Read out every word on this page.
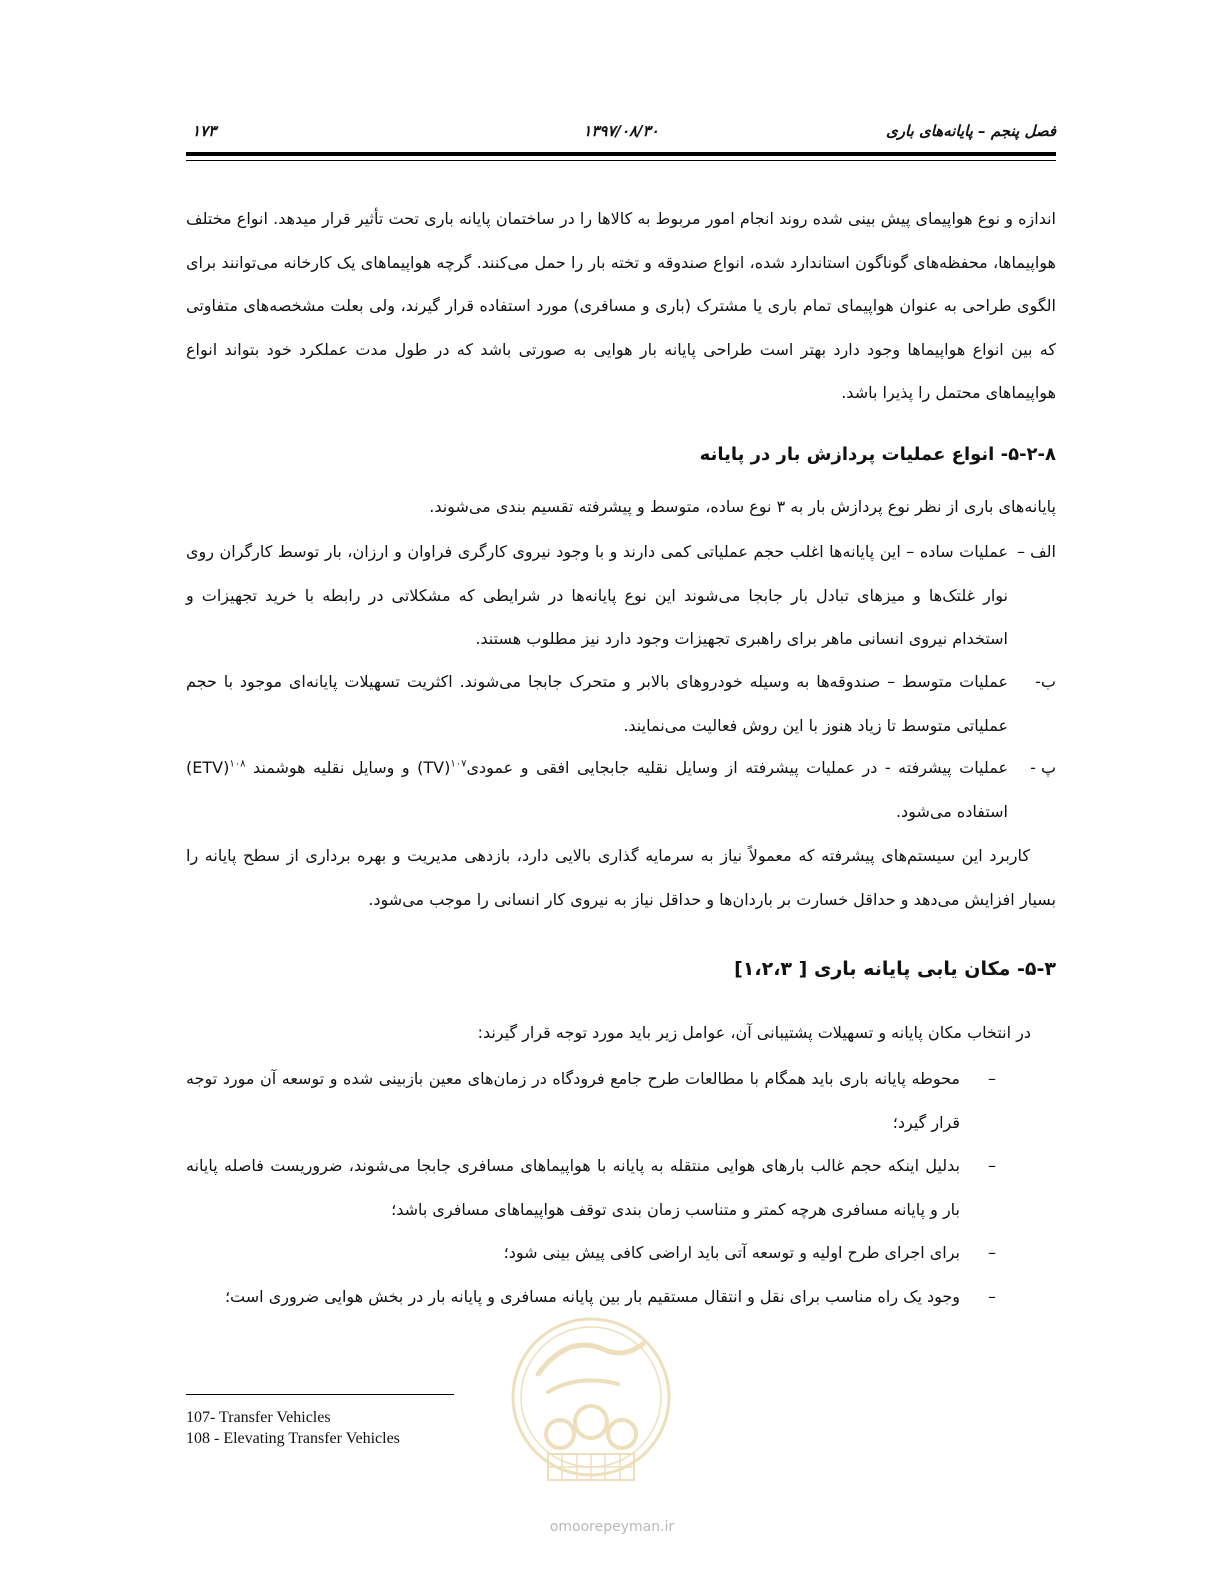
فصل پنجم – پایانه‌های باری
۱۳۹۷/۰۸/۳۰
۱۷۳
اندازه و نوع هواپیمای پیش بینی شده روند انجام امور مربوط به کالاها را در ساختمان پایانه باری تحت تأثیر قرار میدهد. انواع مختلف هواپیماها، محفظه‌های گوناگون استاندارد شده، انواع صندوقه و تخته بار را حمل می‌کنند. گرچه هواپیماهای یک کارخانه می‌توانند برای الگوی طراحی به عنوان هواپیمای تمام باری یا مشترک (باری و مسافری) مورد استفاده قرار گیرند، ولی بعلت مشخصه‌های متفاوتی که بین انواع هواپیماها وجود دارد بهتر است طراحی پایانه بار هوایی به صورتی باشد که در طول مدت عملکرد خود بتواند انواع هواپیماهای محتمل را پذیرا باشد.
۵-۲-۸- انواع عملیات پردازش بار در پایانه
پایانه‌های باری از نظر نوع پردازش بار به ۳ نوع ساده، متوسط و پیشرفته تقسیم بندی می‌شوند.
الف –
عملیات ساده – این پایانه‌ها اغلب حجم عملیاتی کمی دارند و با وجود نیروی کارگری فراوان و ارزان، بار توسط کارگران روی نوار غلتک‌ها و میزهای تبادل بار جابجا می‌شوند این نوع پایانه‌ها در شرایطی که مشکلاتی در رابطه با خرید تجهیزات و استخدام نیروی انسانی ماهر برای راهبری تجهیزات وجود دارد نیز مطلوب هستند.
ب-
عملیات متوسط – صندوقه‌ها به وسیله خودروهای بالابر و متحرک جابجا می‌شوند. اکثریت تسهیلات پایانه‌ای موجود با حجم عملیاتی متوسط تا زیاد هنوز با این روش فعالیت می‌نمایند.
پ -
عملیات پیشرفته - در عملیات پیشرفته از وسایل نقلیه جابجایی افقی و عمودی$^{۱۰۷}$(TV) و وسایل نقلیه هوشمند $^{۱۰۸}$(ETV) استفاده می‌شود.
کاربرد این سیستم‌های پیشرفته که معمولاً نیاز به سرمایه گذاری بالایی دارد، بازدهی مدیریت و بهره برداری از سطح پایانه را بسیار افزایش می‌دهد و حداقل خسارت بر باردان‌ها و حداقل نیاز به نیروی کار انسانی را موجب می‌شود.
۵-۳- مکان یابی پایانه باری [ ۱،۲،۳]
در انتخاب مکان پایانه و تسهیلات پشتیبانی آن، عوامل زیر باید مورد توجه قرار گیرند:
–
محوطه پایانه باری باید همگام با مطالعات طرح جامع فرودگاه در زمان‌های معین بازبینی شده و توسعه آن مورد توجه قرار گیرد؛
–
بدلیل اینکه حجم غالب بارهای هوایی منتقله به پایانه با هواپیماهای مسافری جابجا می‌شوند، ضروریست فاصله پایانه بار و پایانه مسافری هرچه کمتر و متناسب زمان بندی توقف هواپیماهای مسافری باشد؛
–
برای اجرای طرح اولیه و توسعه آتی باید اراضی کافی پیش بینی شود؛
–
وجود یک راه مناسب برای نقل و انتقال مستقیم بار بین پایانه مسافری و پایانه بار در بخش هوایی ضروری است؛
107- Transfer Vehicles
108 - Elevating Transfer Vehicles
omoorepeyman.ir
